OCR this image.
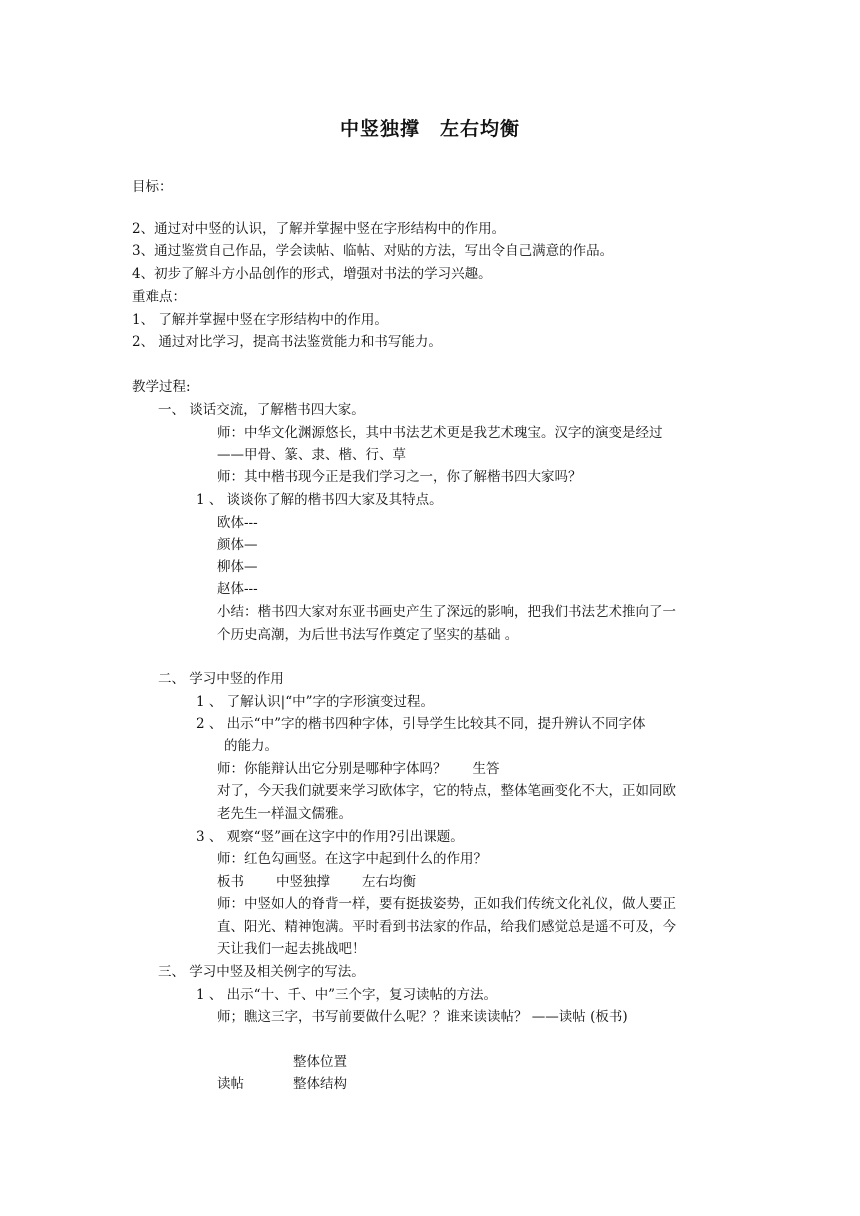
中竖独撑　左右均衡
目标：
2、通过对中竖的认识，了解并掌握中竖在字形结构中的作用。
3、通过鉴赏自己作品，学会读帖、临帖、对贴的方法，写出令自己满意的作品。
4、初步了解斗方小品创作的形式，增强对书法的学习兴趣。
重难点：
1、 了解并掌握中竖在字形结构中的作用。
2、 通过对比学习，提高书法鉴赏能力和书写能力。
教学过程:
一、 谈话交流，了解楷书四大家。
师：中华文化渊源悠长，其中书法艺术更是我艺术瑰宝。汉字的演变是经过
——甲骨、篆、隶、楷、行、草
师：其中楷书现今正是我们学习之一，你了解楷书四大家吗？
1 、 谈谈你了解的楷书四大家及其特点。
欧体---
颜体—
柳体—
赵体---
小结：楷书四大家对东亚书画史产生了深远的影响，把我们书法艺术推向了一
个历史高潮，为后世书法写作奠定了坚实的基础 。
二、 学习中竖的作用
1 、 了解认识|“中”字的字形演变过程。
2 、 出示“中”字的楷书四种字体，引导学生比较其不同，提升辨认不同字体
的能力。
师：你能辩认出它分别是哪种字体吗？ 生答
对了，今天我们就要来学习欧体字，它的特点，整体笔画变化不大，正如同欧
老先生一样温文儒雅。
3 、 观察“竖”画在这字中的作用?引出课题。
师：红色勾画竖。在这字中起到什么的作用？
板书 中竖独撑 左右均衡
师：中竖如人的脊背一样，要有挺拔姿势，正如我们传统文化礼仪，做人要正
直、阳光、精神饱满。平时看到书法家的作品，给我们感觉总是遥不可及，今
天让我们一起去挑战吧！
三、 学习中竖及相关例字的写法。
1 、 出示“十、千、中”三个字，复习读帖的方法。
师；瞧这三字，书写前要做什么呢？？谁来读读帖？ ——读帖 (板书)
整体位置
读帖	整体结构
